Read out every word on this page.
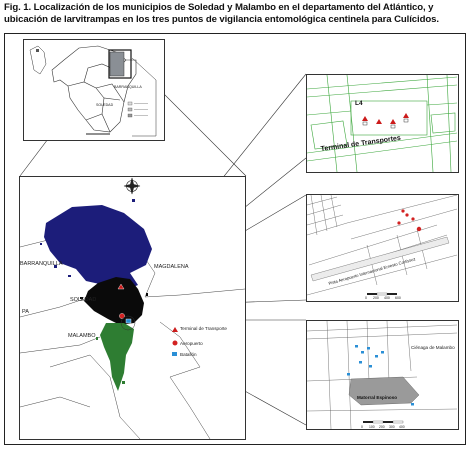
Fig. 1. Localización de los municipios de Soledad y Malambo en el departamento del Atlántico, y
ubicación de larvitrampas en los tres puntos de vigilancia entomológica centinela para Culícidos.
BARRANQUILLA
SOLEDAD
BARRANQUILLA	MAGDALENA
SOLEDAD
MALAMBO
PA
Terminal de Transporte
Aeropuerto
Batallón
L4
Terminal de Transportes
Pista Aeropuerto Internacional Ernesto Cortissoz
0 200 400 600
Matorral Espinoso
Ciénaga de Malambo
0 100 200 300 400
